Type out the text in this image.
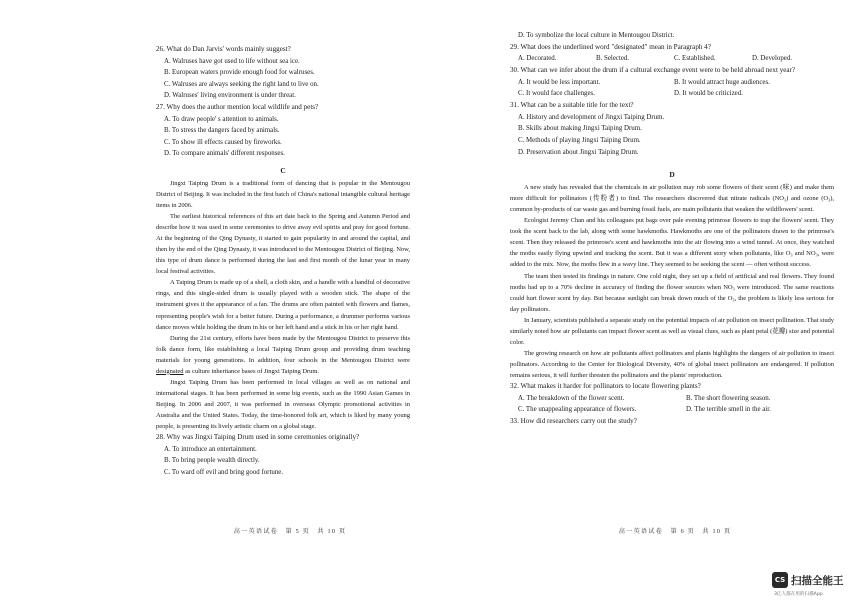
26. What do Dan Jarvis' words mainly suggest?
A. Walruses have got used to life without sea ice.
B. European waters provide enough food for walruses.
C. Walruses are always seeking the right land to live on.
D. Walruses' living environment is under threat.
27. Why does the author mention local wildlife and pets?
A. To draw people' s attention to animals.
B. To stress the dangers faced by animals.
C. To show ill effects caused by fireworks.
D. To compare animals' different responses.
C

Jingxi Taiping Drum is a traditional form of dancing that is popular in the Mentougou District of Beijing. It was included in the first batch of China's national intangible cultural heritage items in 2006.

The earliest historical references of this art date back to the Spring and Autumn Period and describe how it was used in some ceremonies to drive away evil spirits and pray for good fortune. At the beginning of the Qing Dynasty, it started to gain popularity in and around the capital, and then by the end of the Qing Dynasty, it was introduced to the Mentougou District of Beijing. Now, this type of drum dance is performed during the last and first month of the lunar year in many local festival activities.

A Taiping Drum is made up of a shell, a cloth skin, and a handle with a handful of decorative rings, and this single-sided drum is usually played with a wooden stick. The shape of the instrument gives it the appearance of a fan. The drums are often painted with flowers and flames, representing people's wish for a better future. During a performance, a drummer performs various dance moves while holding the drum in his or her left hand and a stick in his or her right hand.

During the 21st century, efforts have been made by the Mentougou District to preserve this folk dance form, like establishing a local Taiping Drum group and providing drum teaching materials for young generations. In addition, four schools in the Mentougou District were designated as culture inheritance bases of Jingxi Taiping Drum.

Jingxi Taiping Drum has been performed in local villages as well as on national and international stages. It has been performed in some big events, such as the 1990 Asian Games in Beijing. In 2006 and 2007, it was performed in overseas Olympic promotional activities in Australia and the United States. Today, the time-honored folk art, which is liked by many young people, is presenting its lively artistic charm on a global stage.

28. Why was Jingxi Taiping Drum used in some ceremonies originally?
A. To introduce an entertainment.
B. To bring people wealth directly.
C. To ward off evil and bring good fortune.
高一英语试卷　第 5 页　共 10 页
D. To symbolize the local culture in Mentougou District.
29. What does the underlined word "designated" mean in Paragraph 4?
A. Decorated.	B. Selected.	C. Established.	D. Developed.
30. What can we infer about the drum if a cultural exchange event were to be held abroad next year?
A. It would be less important.	B. It would attract huge audiences.
C. It would face challenges.	D. It would be criticized.
31. What can be a suitable title for the text?
A. History and development of Jingxi Taiping Drum.
B. Skills about making Jingxi Taiping Drum.
C. Methods of playing Jingxi Taiping Drum.
D. Preservation about Jingxi Taiping Drum.
D

A new study has revealed that the chemicals in air pollution may rob some flowers of their scent (味) and make them more difficult for pollinators (传粉者) to find. The researchers discovered that nitrate radicals (NO₃) and ozone (O₃), common by-products of car waste gas and burning fossil fuels, are main pollutants that weaken the wildflowers' scent.

Ecologist Jeremy Chan and his colleagues put bags over pale evening primrose flowers to trap the flowers' scent. They took the scent back to the lab, along with some hawkmoths. Hawkmoths are one of the pollinators drawn to the primrose's scent. Then they released the primrose's scent and hawkmoths into the air flowing into a wind tunnel. At once, they watched the moths easily flying upwind and tracking the scent. But it was a different story when pollutants, like O₃ and NO₃, were added to the mix. Now, the moths flew in a wavy line. They seemed to be seeking the scent — often without success.

The team then tested its findings in nature. One cold night, they set up a field of artificial and real flowers. They found moths had up to a 70% decline in accuracy of finding the flower sources when NO₃ were introduced. The same reactions could hurt flower scent by day. But because sunlight can break down much of the O₃, the problem is likely less serious for day pollinators.

In January, scientists published a separate study on the potential impacts of air pollution on insect pollination. That study similarly noted how air pollutants can impact flower scent as well as visual clues, such as plant petal (花瓣) size and potential color.

The growing research on how air pollutants affect pollinators and plants highlights the dangers of air pollution to insect pollinators. According to the Center for Biological Diversity, 40% of global insect pollinators are endangered. If pollution remains serious, it will further threaten the pollinators and the plants' reproduction.

32. What makes it harder for pollinators to locate flowering plants?
A. The breakdown of the flower scent.	B. The short flowering season.
C. The unappealing appearance of flowers.	D. The terrible smell in the air.
33. How did researchers carry out the study?
高一英语试卷　第 6 页　共 10 页
CS 扫描全能王
3亿人都在用的扫描App
